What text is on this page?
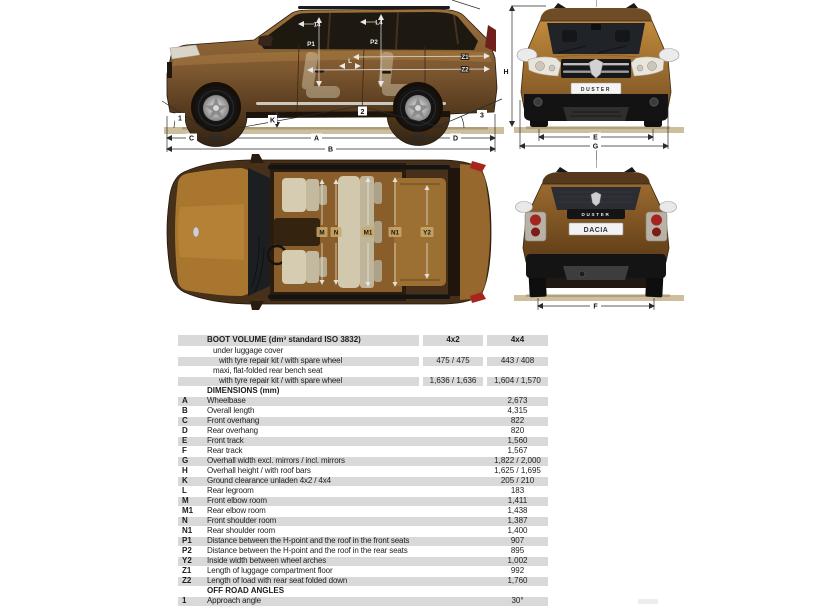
14	L4
P1	P2
L
Z1
Z2
K
1
2	3
C	A	D
B
DUSTER
H
E
G
M N	M1	N1	Y2
DUSTER
DACIA
F
BOOT VOLUME (dm³ standard ISO 3832)	4x2	4x4
under luggage cover
with tyre repair kit / with spare wheel	475 / 475	443 / 408
maxi, flat-folded rear bench seat
with tyre repair kit / with spare wheel	1,636 / 1,636	1,604 / 1,570
DIMENSIONS (mm)
A	Wheelbase	2,673
B	Overall length	4,315
C	Front overhang	822
D	Rear overhang	820
E	Front track	1,560
F	Rear track	1,567
G	Overhall width excl. mirrors / incl. mirrors	1,822 / 2,000
H	Overhall height / with roof bars	1,625 / 1,695
K	Ground clearance unladen 4x2 / 4x4	205 / 210
L	Rear legroom	183
M	Front elbow room	1,411
M1	Rear elbow room	1,438
N	Front shoulder room	1,387
N1	Rear shoulder room	1,400
P1	Distance between the H-point and the roof in the front seats	907
P2	Distance between the H-point and the roof in the rear seats	895
Y2	Inside width between wheel arches	1,002
Z1	Length of luggage compartment floor	992
Z2	Length of load with rear seat folded down	1,760
OFF ROAD ANGLES
1	Approach angle	30°
